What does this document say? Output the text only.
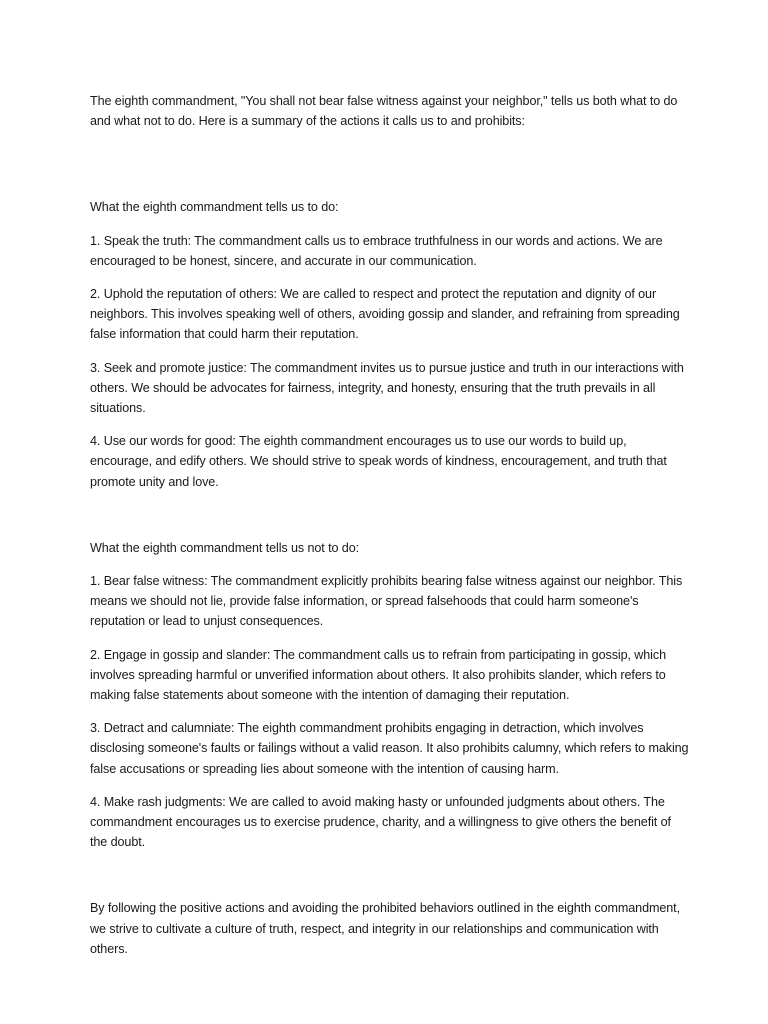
The eighth commandment, "You shall not bear false witness against your neighbor," tells us both what to do and what not to do. Here is a summary of the actions it calls us to and prohibits:

What the eighth commandment tells us to do:

1. Speak the truth: The commandment calls us to embrace truthfulness in our words and actions. We are encouraged to be honest, sincere, and accurate in our communication.

2. Uphold the reputation of others: We are called to respect and protect the reputation and dignity of our neighbors. This involves speaking well of others, avoiding gossip and slander, and refraining from spreading false information that could harm their reputation.

3. Seek and promote justice: The commandment invites us to pursue justice and truth in our interactions with others. We should be advocates for fairness, integrity, and honesty, ensuring that the truth prevails in all situations.

4. Use our words for good: The eighth commandment encourages us to use our words to build up, encourage, and edify others. We should strive to speak words of kindness, encouragement, and truth that promote unity and love.

What the eighth commandment tells us not to do:

1. Bear false witness: The commandment explicitly prohibits bearing false witness against our neighbor. This means we should not lie, provide false information, or spread falsehoods that could harm someone's reputation or lead to unjust consequences.

2. Engage in gossip and slander: The commandment calls us to refrain from participating in gossip, which involves spreading harmful or unverified information about others. It also prohibits slander, which refers to making false statements about someone with the intention of damaging their reputation.

3. Detract and calumniate: The eighth commandment prohibits engaging in detraction, which involves disclosing someone's faults or failings without a valid reason. It also prohibits calumny, which refers to making false accusations or spreading lies about someone with the intention of causing harm.

4. Make rash judgments: We are called to avoid making hasty or unfounded judgments about others. The commandment encourages us to exercise prudence, charity, and a willingness to give others the benefit of the doubt.

By following the positive actions and avoiding the prohibited behaviors outlined in the eighth commandment, we strive to cultivate a culture of truth, respect, and integrity in our relationships and communication with others.
